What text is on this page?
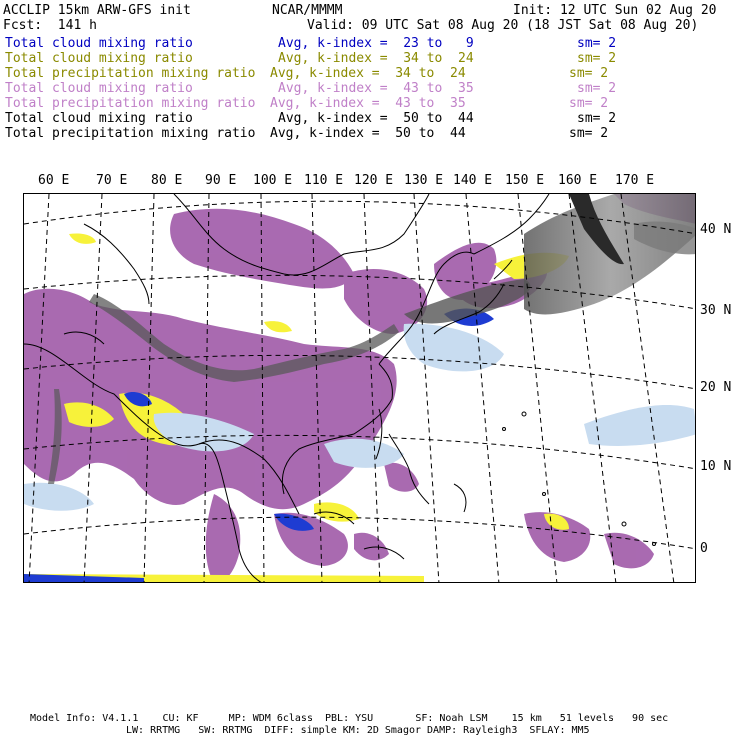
ACCLIP 15km ARW-GFS init	NCAR/MMMM	Init: 12 UTC Sun 02 Aug 20
Fcst:  141 h	Valid: 09 UTC Sat 08 Aug 20 (18 JST Sat 08 Aug 20)
Total cloud mixing ratio	Avg, k-index =  23 to   9	sm= 2
Total cloud mixing ratio	Avg, k-index =  34 to  24	sm= 2
Total precipitation mixing ratio Avg, k-index =  34 to  24	sm= 2
Total cloud mixing ratio	Avg, k-index =  43 to  35	sm= 2
Total precipitation mixing ratio Avg, k-index =  43 to  35	sm= 2
Total cloud mixing ratio	Avg, k-index =  50 to  44	sm= 2
Total precipitation mixing ratio Avg, k-index =  50 to  44	sm= 2
60 E 70 E 80 E 90 E 100 E 110 E 120 E 130 E 140 E 150 E 160 E 170 E
40 N
30 N
20 N
10 N
0
Model Info: V4.1.1    CU: KF     MP: WDM 6class  PBL: YSU       SF: Noah LSM    15 km   51 levels   90 sec
LW: RRTMG   SW: RRTMG  DIFF: simple KM: 2D Smagor DAMP: Rayleigh3  SFLAY: MM5
